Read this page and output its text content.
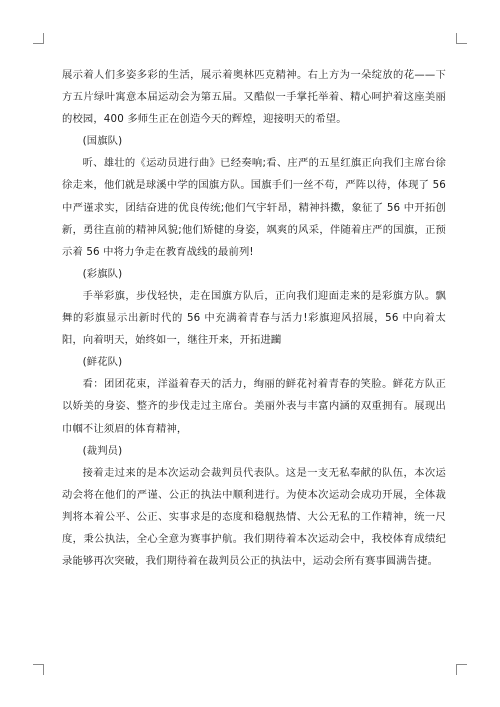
展示着人们多姿多彩的生活，展示着奥林匹克精神。右上方为一朵绽放的花——下方五片绿叶寓意本届运动会为第五届。又酷似一手掌托举着、精心呵护着这座美丽的校园，400 多师生正在创造今天的辉煌，迎接明天的希望。

(国旗队)

听、雄壮的《运动员进行曲》已经奏响;看、庄严的五星红旗正向我们主席台徐徐走来，他们就是球溪中学的国旗方队。国旗手们一丝不苟，严阵以待，体现了 56 中严谨求实，团结奋进的优良传统;他们气宇轩昂，精神抖擞，象征了 56 中开拓创新，勇往直前的精神风貌;他们矫健的身姿，飒爽的风采，伴随着庄严的国旗，正预示着 56 中将力争走在教育战线的最前列!

(彩旗队)

手举彩旗，步伐轻快，走在国旗方队后，正向我们迎面走来的是彩旗方队。飘舞的彩旗显示出新时代的 56 中充满着青春与活力!彩旗迎风招展，56 中向着太阳，向着明天，始终如一，继往开来，开拓进躏

(鲜花队)

看：团团花束，洋溢着春天的活力，绚丽的鲜花衬着青春的笑脸。鲜花方队正以娇美的身姿、整齐的步伐走过主席台。美丽外表与丰富内涵的双重拥有。展现出巾帼不让须眉的体育精神，

(裁判员)

接着走过来的是本次运动会裁判员代表队。这是一支无私奉献的队伍，本次运动会将在他们的严谨、公正的执法中顺利进行。为使本次运动会成功开展，全体裁判将本着公平、公正、实事求是的态度和稳舰热情、大公无私的工作精神，统一尺度，秉公执法，全心全意为赛事护航。我们期待着本次运动会中，我校体育成绩纪录能够再次突破，我们期待着在裁判员公正的执法中，运动会所有赛事圆满告捷。
